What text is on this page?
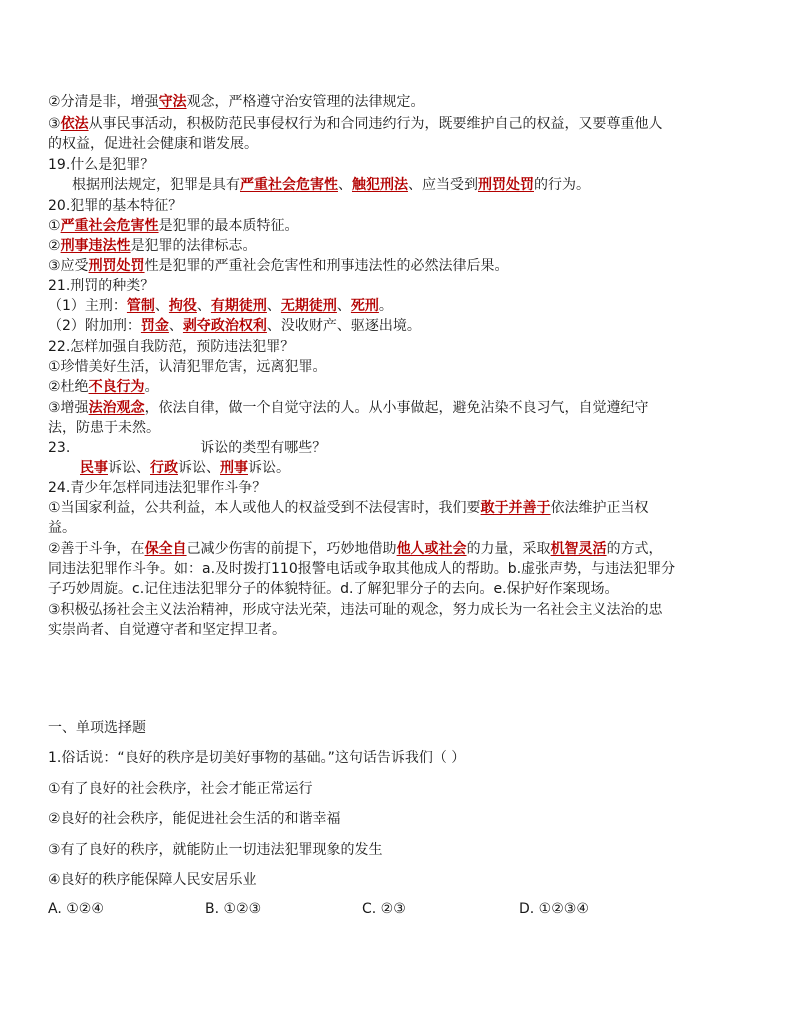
②分清是非，增强守法观念，严格遵守治安管理的法律规定。
③依法从事民事活动，积极防范民事侵权行为和合同违约行为，既要维护自己的权益，又要尊重他人
的权益，促进社会健康和谐发展。
19.什么是犯罪？
根据刑法规定，犯罪是具有严重社会危害性、触犯刑法、应当受到刑罚处罚的行为。
20.犯罪的基本特征？
①严重社会危害性是犯罪的最本质特征。
②刑事违法性是犯罪的法律标志。
③应受刑罚处罚性是犯罪的严重社会危害性和刑事违法性的必然法律后果。
21.刑罚的种类？
（1）主刑：管制、拘役、有期徒刑、无期徒刑、死刑。
（2）附加刑：罚金、剥夺政治权利、没收财产、驱逐出境。
22.怎样加强自我防范，预防违法犯罪？
①珍惜美好生活，认清犯罪危害，远离犯罪。
②杜绝不良行为。
③增强法治观念，依法自律，做一个自觉守法的人。从小事做起，避免沾染不良习气，自觉遵纪守
法，防患于未然。
23.	诉讼的类型有哪些？
民事诉讼、行政诉讼、刑事诉讼。
24.青少年怎样同违法犯罪作斗争？
①当国家利益，公共利益，本人或他人的权益受到不法侵害时，我们要敢于并善于依法维护正当权
益。
②善于斗争，在保全自己减少伤害的前提下，巧妙地借助他人或社会的力量，采取机智灵活的方式，
同违法犯罪作斗争。如：a.及时拨打110报警电话或争取其他成人的帮助。b.虚张声势，与违法犯罪分
子巧妙周旋。c.记住违法犯罪分子的体貌特征。d.了解犯罪分子的去向。e.保护好作案现场。
③积极弘扬社会主义法治精神，形成守法光荣，违法可耻的观念，努力成长为一名社会主义法治的忠
实崇尚者、自觉遵守者和坚定捍卫者。
一、单项选择题
1.俗话说：“良好的秩序是切美好事物的基础。”这句话告诉我们（ ）
①有了良好的社会秩序，社会才能正常运行
②良好的社会秩序，能促进社会生活的和谐幸福
③有了良好的秩序，就能防止一切违法犯罪现象的发生
④良好的秩序能保障人民安居乐业
A. ①②④	B. ①②③	C. ②③	D. ①②③④
